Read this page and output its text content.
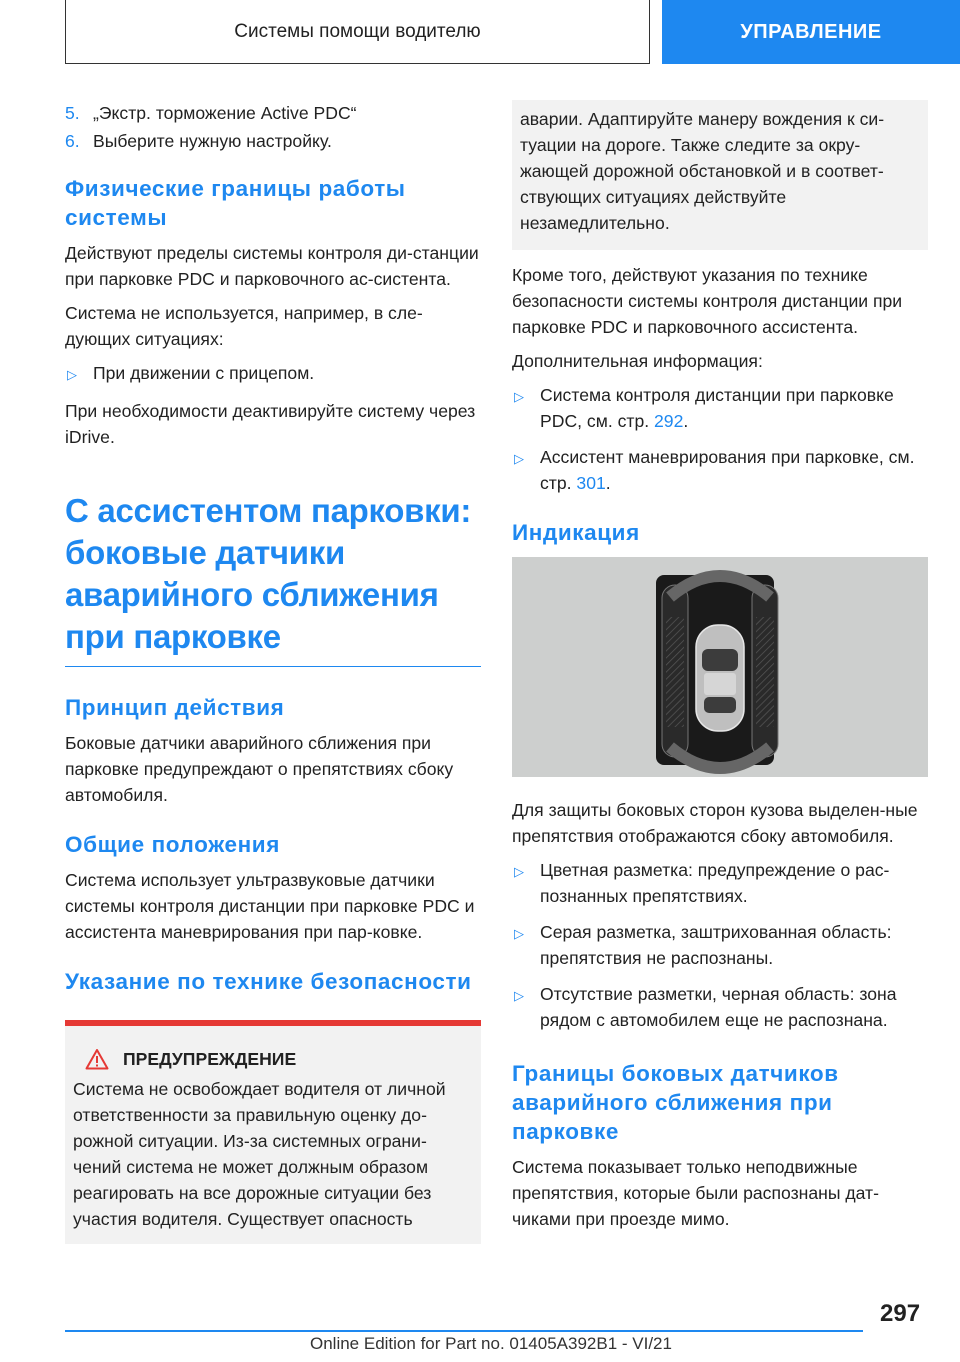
Системы помощи водителю	УПРАВЛЕНИЕ
5. „Экстр. торможение Active PDC“
6. Выберите нужную настройку.
Физические границы работы системы

Действуют пределы системы контроля ди-станции при парковке PDC и парковочного ас-систента.

Система не используется, например, в сле-дующих ситуациях:

▷ При движении с прицепом.

При необходимости деактивируйте систему через iDrive.

С ассистентом парковки: боковые датчики аварийного сближения при парковке
Принцип действия

Боковые датчики аварийного сближения при парковке предупреждают о препятствиях сбоку автомобиля.

Общие положения

Система использует ультразвуковые датчики системы контроля дистанции при парковке PDC и ассистента маневрирования при пар-ковке.

Указание по технике безопасности
ПРЕДУПРЕЖДЕНИЕ

Система не освобождает водителя от личной ответственности за правильную оценку до-рожной ситуации. Из-за системных ограни-чений система не может должным образом реагировать на все дорожные ситуации без участия водителя. Существует опасность

аварии. Адаптируйте манеру вождения к си-туации на дороге. Также следите за окру-жающей дорожной обстановкой и в соответ-ствующих ситуациях действуйте незамедлительно.

Кроме того, действуют указания по технике безопасности системы контроля дистанции при парковке PDC и парковочного ассистента.

Дополнительная информация:

▷ Система контроля дистанции при парковке PDC, см. стр. 292.
▷ Ассистент маневрирования при парковке, см. стр. 301.
Индикация

Для защиты боковых сторон кузова выделен-ные препятствия отображаются сбоку автомобиля.

▷ Цветная разметка: предупреждение о рас-познанных препятствиях.
▷ Серая разметка, заштрихованная область: препятствия не распознаны.
▷ Отсутствие разметки, черная область: зона рядом с автомобилем еще не распознана.
Границы боковых датчиков аварийного сближения при парковке

Система показывает только неподвижные препятствия, которые были распознаны дат-чиками при проезде мимо.

297
Online Edition for Part no. 01405A392B1 - VI/21
